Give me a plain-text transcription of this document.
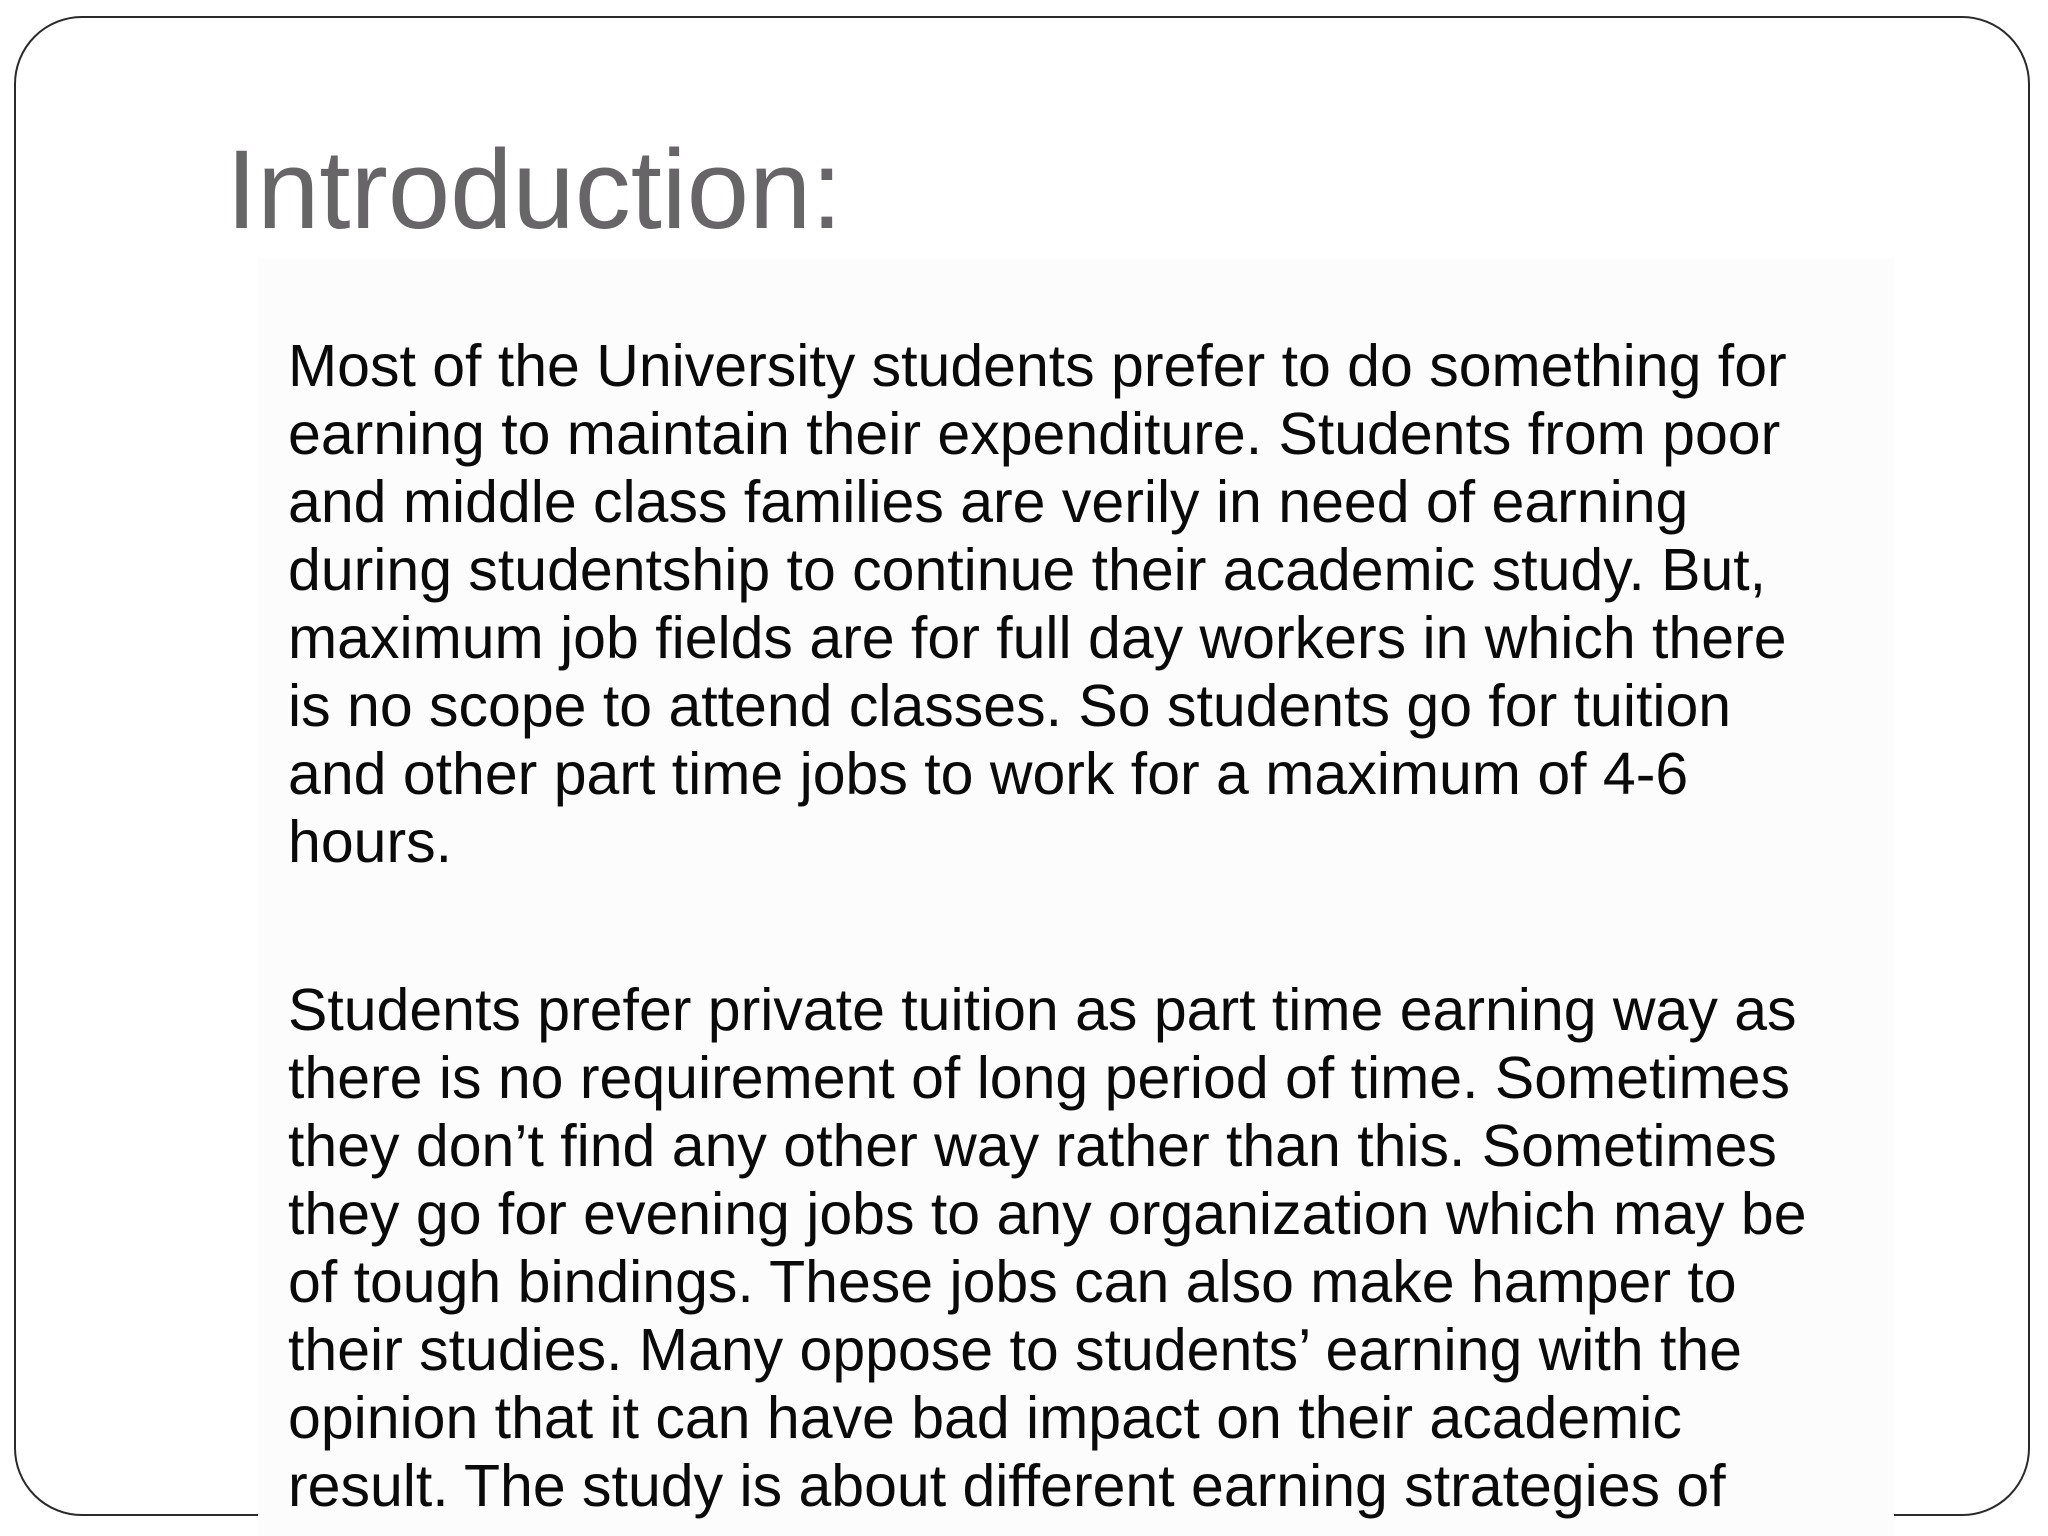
Introduction:

Most of the University students prefer to do something for
earning to maintain their expenditure. Students from poor
and middle class families are verily in need of earning
during studentship to continue their academic study. But,
maximum job fields are for full day workers in which there
is no scope to attend classes. So students go for tuition
and other part time jobs to work for a maximum of 4-6
hours.

Students prefer private tuition as part time earning way as
there is no requirement of long period of time. Sometimes
they don’t find any other way rather than this. Sometimes
they go for evening jobs to any organization which may be
of tough bindings. These jobs can also make hamper to
their studies. Many oppose to students’ earning with the
opinion that it can have bad impact on their academic
result. The study is about different earning strategies of
